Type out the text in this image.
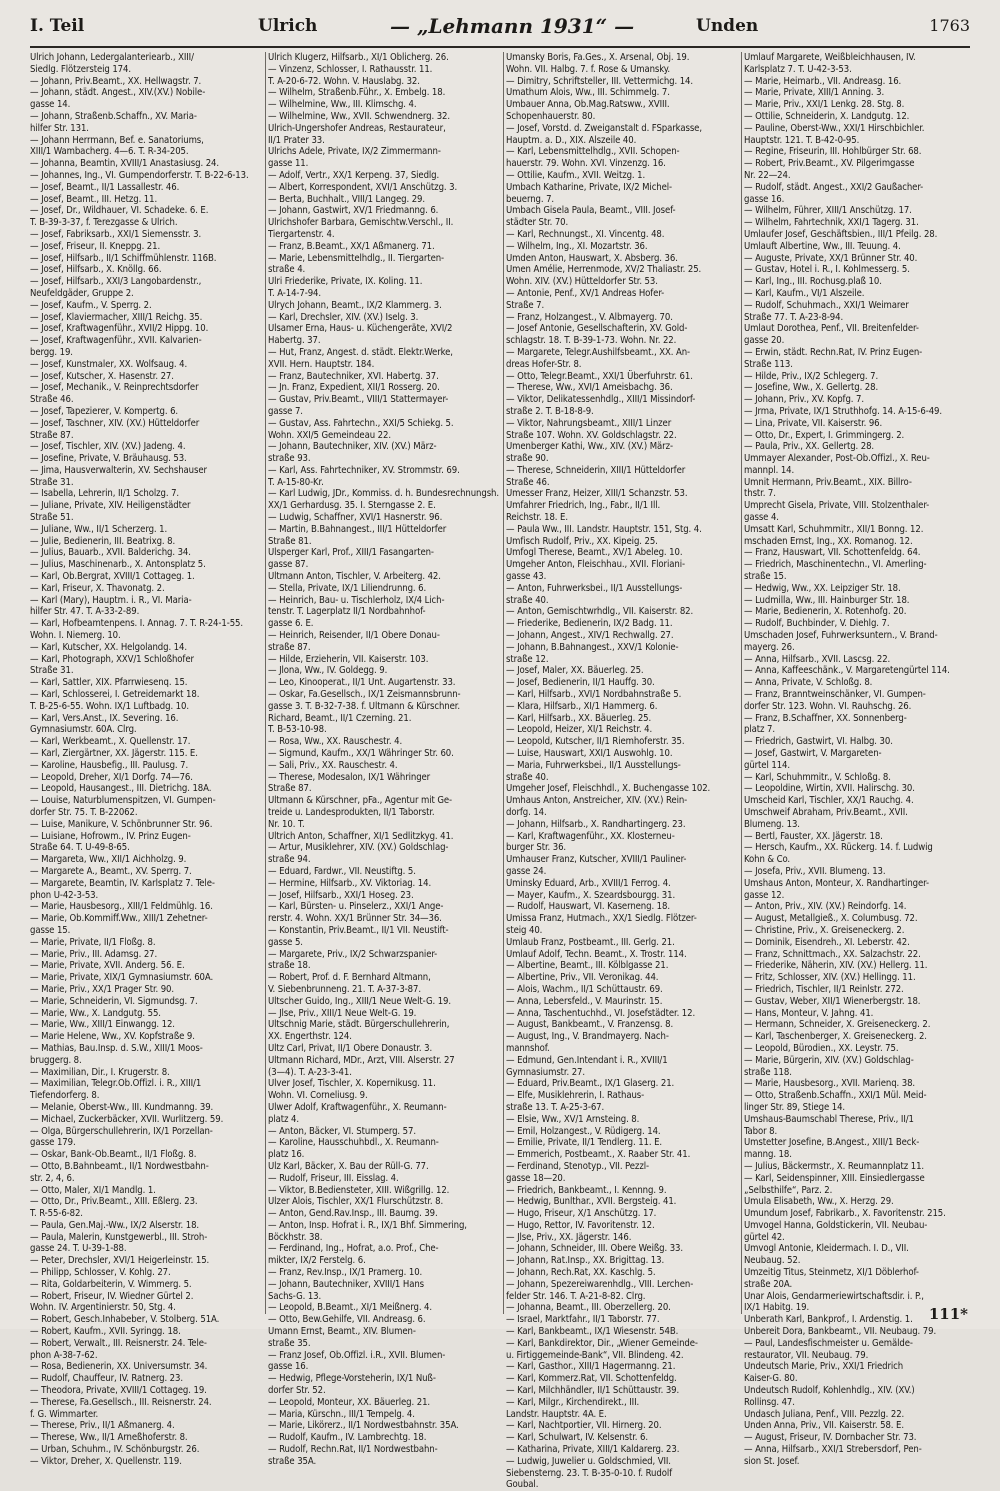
I. Teil	Ulrich	— „Lehmann 1931“ —	Unden	1763
Ulrich Johann, Ledergalanteriearb., XIII/
Siedlg. Flötzersteig 174.
— Johann, Priv.Beamt., XX. Hellwagstr. 7.
— Johann, städt. Angest., XIV.(XV.) Nobile-
gasse 14.
— Johann, Straßenb.Schaffn., XV. Maria-
hilfer Str. 131.
— Johann Herrmann, Bef. e. Sanatoriums,
XIII/1 Wambacherg. 4—6. T. R-34-205.
— Johanna, Beamtin, XVIII/1 Anastasiusg. 24.
— Johannes, Ing., VI. Gumpendorferstr. T. B-22-6-13.
— Josef, Beamt., II/1 Lassallestr. 46.
— Josef, Beamt., III. Hetzg. 11.
— Josef, Dr., Wildhauer, VI. Schadeke. 6. E.
T. B-39-3-37, f. Terezgasse & Ulrich.
— Josef, Fabriksarb., XXI/1 Siemensstr. 3.
— Josef, Friseur, II. Kneppg. 21.
— Josef, Hilfsarb., II/1 Schiffmühlenstr. 116B.
— Josef, Hilfsarb., X. Knöllg. 66.
— Josef, Hilfsarb., XXI/3 Langobardenstr.,
Neufeldgäder, Gruppe 2.
— Josef, Kaufm., V. Sperrg. 2.
— Josef, Klaviermacher, XIII/1 Reichg. 35.
— Josef, Kraftwagenführ., XVII/2 Hippg. 10.
— Josef, Kraftwagenführ., XVII. Kalvarien-
bergg. 19.
— Josef, Kunstmaler, XX. Wolfsaug. 4.
— Josef, Kutscher, X. Hasenstr. 27.
— Josef, Mechanik., V. Reinprechtsdorfer
Straße 46.
— Josef, Tapezierer, V. Kompertg. 6.
— Josef, Taschner, XIV. (XV.) Hütteldorfer
Straße 87.
— Josef, Tischler, XIV. (XV.) Jadeng. 4.
— Josefine, Private, V. Bräuhausg. 53.
— Jima, Hausverwalterin, XV. Sechshauser
Straße 31.
— Isabella, Lehrerin, II/1 Scholzg. 7.
— Juliane, Private, XIV. Heiligenstädter
Straße 51.
— Juliane, Ww., II/1 Scherzerg. 1.
— Julie, Bedienerin, III. Beatrixg. 8.
— Julius, Bauarb., XVII. Balderichg. 34.
— Julius, Maschinenarb., X. Antonsplatz 5.
— Karl, Ob.Bergrat, XVIII/1 Cottageg. 1.
— Karl, Friseur, X. Thavonatg. 2.
— Karl (Mary), Hauptm. i. R., VI. Maria-
hilfer Str. 47. T. A-33-2-89.
— Karl, Hofbeamtenpens. I. Annag. 7. T. R-24-1-55.
Wohn. I. Niemerg. 10.
— Karl, Kutscher, XX. Helgolandg. 14.
— Karl, Photograph, XXV/1 Schloßhofer
Straße 31.
— Karl, Sattler, XIX. Pfarrwiesenq. 15.
— Karl, Schlosserei, I. Getreidemarkt 18.
T. B-25-6-55. Wohn. IX/1 Luftbadg. 10.
— Karl, Vers.Anst., IX. Severing. 16.
Gymnasiumstr. 60A. Clrg.
— Karl, Werkbeamt., X. Quellenstr. 17.
— Karl, Ziergärtner, XX. Jägerstr. 115. E.
— Karoline, Hausbefig., III. Paulusg. 7.
— Leopold, Dreher, XI/1 Dorfg. 74—76.
— Leopold, Hausangest., III. Dietrichg. 18A.
— Louise, Naturblumenspitzen, VI. Gumpen-
dorfer Str. 75. T. B-22062.
— Luise, Manikure, V. Schönbrunner Str. 96.
— Luisiane, Hofrowm., IV. Prinz Eugen-
Straße 64. T. U-49-8-65.
— Margareta, Ww., XII/1 Aichholzg. 9.
— Margarete A., Beamt., XV. Sperrg. 7.
— Margarete, Beamtin, IV. Karlsplatz 7. Tele-
phon U-42-3-53.
— Marie, Hausbesorg., XIII/1 Feldmühlg. 16.
— Marie, Ob.Kommiff.Ww., XIII/1 Zehetner-
gasse 15.
— Marie, Private, II/1 Floßg. 8.
— Marie, Priv., III. Adamsg. 27.
— Marie, Private, XVII. Anderg. 56. E.
— Marie, Private, XIX/1 Gymnasiumstr. 60A.
— Marie, Priv., XX/1 Prager Str. 90.
— Marie, Schneiderin, VI. Sigmundsg. 7.
— Marie, Ww., X. Landgutg. 55.
— Marie, Ww., XIII/1 Einwangg. 12.
— Marie Helene, Ww., XV. Kopfstraße 9.
— Mathias, Bau.Insp. d. S.W., XIII/1 Moos-
bruggerg. 8.
— Maximilian, Dir., I. Krugerstr. 8.
— Maximilian, Telegr.Ob.Offizl. i. R., XIII/1
Tiefendorferg. 8.
— Melanie, Oberst-Ww., III. Kundmanng. 39.
— Michael, Zuckerbäcker, XVII. Wurlitzerg. 59.
— Olga, Bürgerschullehrerin, IX/1 Porzellan-
gasse 179.
— Oskar, Bank-Ob.Beamt., II/1 Floßg. 8.
— Otto, B.Bahnbeamt., II/1 Nordwestbahn-
str. 2, 4, 6.
— Otto, Maler, XI/1 Mandlg. 1.
— Otto, Dr., Priv.Beamt., XIII. Eßlerg. 23.
T. R-55-6-82.
— Paula, Gen.Maj.-Ww., IX/2 Alserstr. 18.
— Paula, Malerin, Kunstgewerbl., III. Stroh-
gasse 24. T. U-39-1-88.
— Peter, Drechsler, XVI/1 Heigerleinstr. 15.
— Philipp, Schlosser, V. Kohlg. 27.
— Rita, Goldarbeiterin, V. Wimmerg. 5.
— Robert, Friseur, IV. Wiedner Gürtel 2.
Wohn. IV. Argentinierstr. 50, Stg. 4.
— Robert, Gesch.Inhabeber, V. Stolberg. 51A.
— Robert, Kaufm., XVII. Syringg. 18.
— Robert, Verwalt., III. Reisnerstr. 24. Tele-
phon A-38-7-62.
— Rosa, Bedienerin, XX. Universumstr. 34.
— Rudolf, Chauffeur, IV. Ratnerg. 23.
— Theodora, Private, XVIII/1 Cottageg. 19.
— Therese, Fa.Gesellsch., III. Reisnerstr. 24.
f. G. Wimmarter.
— Therese, Priv., II/1 Aßmanerg. 4.
— Therese, Ww., II/1 Arneßhoferstr. 8.
— Urban, Schuhm., IV. Schönburgstr. 26.
— Viktor, Dreher, X. Quellenstr. 119.
Ulrich Klugerz, Hilfsarb., XI/1 Oblicherg. 26.
— Vinzenz, Schlosser, I. Rathausstr. 11.
T. A-20-6-72. Wohn. V. Hauslabg. 32.
— Wilhelm, Straßenb.Führ., X. Embelg. 18.
— Wilhelmine, Ww., III. Klimschg. 4.
— Wilhelmine, Ww., XVII. Schwendnerg. 32.
Ulrich-Ungershofer Andreas, Restaurateur,
II/1 Prater 33.
Ulrichs Adele, Private, IX/2 Zimmermann-
gasse 11.
— Adolf, Vertr., XX/1 Kerpeng. 37, Siedlg.
— Albert, Korrespondent, XVI/1 Anschützg. 3.
— Berta, Buchhalt., VIII/1 Langeg. 29.
— Johann, Gastwirt, XV/1 Friedmanng. 6.
Ulrichshofer Barbara, Gemischtw.Verschl., II.
Tiergartenstr. 4.
— Franz, B.Beamt., XX/1 Aßmanerg. 71.
— Marie, Lebensmittelhdlg., II. Tiergarten-
straße 4.
Ulri Friederike, Private, IX. Koling. 11.
T. A-14-7-94.
Ulrych Johann, Beamt., IX/2 Klammerg. 3.
— Karl, Drechsler, XIV. (XV.) Iselg. 3.
Ulsamer Erna, Haus- u. Küchengeräte, XVI/2
Habertg. 37.
— Hut, Franz, Angest. d. städt. Elektr.Werke,
XVII. Hern. Hauptstr. 184.
— Franz, Bautechniker, XVI. Habertg. 37.
— Jn. Franz, Expedient, XII/1 Rosserg. 20.
— Gustav, Priv.Beamt., VIII/1 Stattermayer-
gasse 7.
— Gustav, Ass. Fahrtechn., XXI/5 Schiekg. 5.
Wohn. XXI/5 Gemeindeau 22.
— Johann, Bautechniker, XIV. (XV.) März-
straße 93.
— Karl, Ass. Fahrtechniker, XV. Strommstr. 69.
T. A-15-80-Kr.
— Karl Ludwig, JDr., Kommiss. d. h. Bundesrechnungsh.
XX/1 Gerhardusg. 35. I. Sterngasse 2. E.
— Ludwig, Schaffner, XVI/1 Hasnerstr. 96.
— Martin, B.Bahnangest., III/1 Hütteldorfer
Straße 81.
Ulsperger Karl, Prof., XIII/1 Fasangarten-
gasse 87.
Ultmann Anton, Tischler, V. Arbeiterg. 42.
— Stella, Private, IX/1 Liliendrunng. 6.
— Heinrich, Bau- u. Tischlerholz, IX/4 Lich-
tenstr. T. Lagerplatz II/1 Nordbahnhof-
gasse 6. E.
— Heinrich, Reisender, II/1 Obere Donau-
straße 87.
— Hilde, Erzieherin, VII. Kaiserstr. 103.
— Jlona, Ww., IV. Goldegg. 9.
— Leo, Kinooperat., II/1 Unt. Augartenstr. 33.
— Oskar, Fa.Gesellsch., IX/1 Zeismannsbrunn-
gasse 3. T. B-32-7-38. f. Ultmann & Kürschner.
Richard, Beamt., II/1 Czerning. 21.
T. B-53-10-98.
— Rosa, Ww., XX. Rauschestr. 4.
— Sigmund, Kaufm., XX/1 Währinger Str. 60.
— Sali, Priv., XX. Rauschestr. 4.
— Therese, Modesalon, IX/1 Währinger
Straße 87.
Ultmann & Kürschner, pFa., Agentur mit Ge-
treide u. Landesprodukten, II/1 Taborstr.
Nr. 10. T.
Ultrich Anton, Schaffner, XI/1 Sedlitzkyg. 41.
— Artur, Musiklehrer, XIV. (XV.) Goldschlag-
straße 94.
— Eduard, Fardwr., VII. Neustiftg. 5.
— Hermine, Hilfsarb., XV. Viktoriag. 14.
— Josef, Hilfsarb., XXI/1 Hoseg. 23.
— Karl, Bürsten- u. Pinselerz., XXI/1 Ange-
rerstr. 4. Wohn. XX/1 Brünner Str. 34—36.
— Konstantin, Priv.Beamt., II/1 VII. Neustift-
gasse 5.
— Margarete, Priv., IX/2 Schwarzspanier-
straße 18.
— Robert, Prof. d. F. Bernhard Altmann,
V. Siebenbrunneng. 21. T. A-37-3-87.
Ultscher Guido, Ing., XIII/1 Neue Welt-G. 19.
— Jlse, Priv., XIII/1 Neue Welt-G. 19.
Ultschnig Marie, städt. Bürgerschullehrerin,
XX. Engerthstr. 124.
Ultz Carl, Privat, II/1 Obere Donaustr. 3.
Ultmann Richard, MDr., Arzt, VIII. Alserstr. 27
(3—4). T. A-23-3-41.
Ulver Josef, Tischler, X. Kopernikusg. 11.
Wohn. VI. Corneliusg. 9.
Ulwer Adolf, Kraftwagenführ., X. Reumann-
platz 4.
— Anton, Bäcker, VI. Stumperg. 57.
— Karoline, Hausschuhbdl., X. Reumann-
platz 16.
Ulz Karl, Bäcker, X. Bau der Rüll-G. 77.
— Rudolf, Friseur, III. Eisslag. 4.
— Viktor, B.Bediensteter, XIII. Wißgrillg. 12.
Ulzer Alois, Tischler, XX/1 Flurschützstr. 8.
— Anton, Gend.Rav.Insp., III. Baumg. 39.
— Anton, Insp. Hofrat i. R., IX/1 Bhf. Simmering,
Böckhstr. 38.
— Ferdinand, Ing., Hofrat, a.o. Prof., Che-
mikter, IX/2 Ferstelg. 6.
— Franz, Rev.Insp., IX/1 Pramerg. 10.
— Johann, Bautechniker, XVIII/1 Hans
Sachs-G. 13.
— Leopold, B.Beamt., XI/1 Meißnerg. 4.
— Otto, Bew.Gehilfe, VII. Andreasg. 6.
Umann Ernst, Beamt., XIV. Blumen-
straße 35.
— Franz Josef, Ob.Offizl. i.R., XVII. Blumen-
gasse 16.
— Hedwig, Pflege-Vorsteherin, IX/1 Nuß-
dorfer Str. 52.
— Leopold, Monteur, XX. Bäuerleg. 21.
— Maria, Kürschn., III/1 Tempelg. 4.
— Marie, Likörerz., II/1 Nordwestbahnstr. 35A.
— Rudolf, Kaufm., IV. Lambrechtg. 18.
— Rudolf, Rechn.Rat, II/1 Nordwestbahn-
straße 35A.
Umansky Boris, Fa.Ges., X. Arsenal, Obj. 19.
Wohn. VII. Halbg. 7. f. Rose & Umansky.
— Dimitry, Schriftsteller, III. Vettermichg. 14.
Umathum Alois, Ww., III. Schimmelg. 7.
Umbauer Anna, Ob.Mag.Ratsww., XVIII.
Schopenhauerstr. 80.
— Josef, Vorstd. d. Zweiganstalt d. FSparkasse,
Hauptm. a. D., XIX. Alszeile 40.
— Karl, Lebensmittelhdlg., XVII. Schopen-
hauerstr. 79. Wohn. XVI. Vinzenzg. 16.
— Ottilie, Kaufm., XVII. Weitzg. 1.
Umbach Katharine, Private, IX/2 Michel-
beuerng. 7.
Umbach Gisela Paula, Beamt., VIII. Josef-
städter Str. 70.
— Karl, Rechnungst., XI. Vincentg. 48.
— Wilhelm, Ing., XI. Mozartstr. 36.
Umden Anton, Hauswart, X. Absberg. 36.
Umen Amélie, Herrenmode, XV/2 Thaliastr. 25.
Wohn. XIV. (XV.) Hütteldorfer Str. 53.
— Antonie, Penf., XV/1 Andreas Hofer-
Straße 7.
— Franz, Holzangest., V. Albmayerg. 70.
— Josef Antonie, Gesellschafterin, XV. Gold-
schlagstr. 18. T. B-39-1-73. Wohn. Nr. 22.
— Margarete, Telegr.Aushilfsbeamt., XX. An-
dreas Hofer-Str. 8.
— Otto, Telegr.Beamt., XXI/1 Überfuhrstr. 61.
— Therese, Ww., XVI/1 Ameisbachg. 36.
— Viktor, Delikatessenhdlg., XIII/1 Missindorf-
straße 2. T. B-18-8-9.
— Viktor, Nahrungsbeamt., XIII/1 Linzer
Straße 107. Wohn. XV. Goldschlagstr. 22.
Umenberger Kathi, Ww., XIV. (XV.) März-
straße 90.
— Therese, Schneiderin, XIII/1 Hütteldorfer
Straße 46.
Umesser Franz, Heizer, XIII/1 Schanzstr. 53.
Umfahrer Friedrich, Ing., Fabr., II/1 Ill.
Reichstr. 18. E.
— Paula Ww., III. Landstr. Hauptstr. 151, Stg. 4.
Umfisch Rudolf, Priv., XX. Kipeig. 25.
Umfogl Therese, Beamt., XV/1 Abeleg. 10.
Umgeher Anton, Fleischhau., XVII. Floriani-
gasse 43.
— Anton, Fuhrwerksbei., II/1 Ausstellungs-
straße 40.
— Anton, Gemischtwrhdlg., VII. Kaiserstr. 82.
— Friederike, Bedienerin, IX/2 Badg. 11.
— Johann, Angest., XIV/1 Rechwallg. 27.
— Johann, B.Bahnangest., XXV/1 Kolonie-
straße 12.
— Josef, Maler, XX. Bäuerleg. 25.
— Josef, Bedienerin, II/1 Hauffg. 30.
— Karl, Hilfsarb., XVI/1 Nordbahnstraße 5.
— Klara, Hilfsarb., XI/1 Hammerg. 6.
— Karl, Hilfsarb., XX. Bäuerleg. 25.
— Leopold, Heizer, XI/1 Reichstr. 4.
— Leopold, Kutscher, II/1 Riemhoferstr. 35.
— Luise, Hauswart, XXI/1 Auswohlg. 10.
— Maria, Fuhrwerksbei., II/1 Ausstellungs-
straße 40.
Umgeher Josef, Fleischhdl., X. Buchengasse 102.
Umhaus Anton, Anstreicher, XIV. (XV.) Rein-
dorfg. 14.
— Johann, Hilfsarb., X. Randhartingerg. 23.
— Karl, Kraftwagenführ., XX. Klosterneu-
burger Str. 36.
Umhauser Franz, Kutscher, XVIII/1 Pauliner-
gasse 24.
Uminsky Eduard, Arb., XVIII/1 Ferrog. 4.
— Mayer, Kaufm., X. Szeardsbourgg. 31.
— Rudolf, Hauswart, VI. Kaserneng. 18.
Umissa Franz, Hutmach., XX/1 Siedlg. Flötzer-
steig 40.
Umlaub Franz, Postbeamt., III. Gerlg. 21.
Umlauf Adolf, Techn. Beamt., X. Trostr. 114.
— Albertine, Beamt., III. Kölblgasse 21.
— Albertine, Priv., VII. Veronikag. 44.
— Alois, Wachm., II/1 Schüttaustr. 69.
— Anna, Lebersfeld., V. Maurinstr. 15.
— Anna, Taschentuchhd., VI. Josefstädter. 12.
— August, Bankbeamt., V. Franzensg. 8.
— August, Ing., V. Brandmayerg. Nach-
mannshof.
— Edmund, Gen.Intendant i. R., XVIII/1
Gymnasiumstr. 27.
— Eduard, Priv.Beamt., IX/1 Glaserg. 21.
— Elfe, Musiklehrerin, I. Rathaus-
straße 13. T. A-25-3-67.
— Elsie, Ww., XV/1 Arnsteing. 8.
— Emil, Holzangest., V. Rüdigerg. 14.
— Emilie, Private, II/1 Tendlerg. 11. E.
— Emmerich, Postbeamt., X. Raaber Str. 41.
— Ferdinand, Stenotyp., VII. Pezzl-
gasse 18—20.
— Friedrich, Bankbeamt., I. Kennng. 9.
— Hedwig, Bunlthar., XVII. Bergsteig. 41.
— Hugo, Friseur, X/1 Anschützg. 17.
— Hugo, Rettor, IV. Favoritenstr. 12.
— Jlse, Priv., XX. Jägerstr. 146.
— Johann, Schneider, III. Obere Weißg. 33.
— Johann, Rat.Insp., XX. Brigittag. 13.
— Johann, Rech.Rat, XX. Kaschlg. 5.
— Johann, Spezereiwarenhdlg., VIII. Lerchen-
felder Str. 146. T. A-21-8-82. Clrg.
— Johanna, Beamt., III. Oberzellerg. 20.
— Israel, Marktfahr., II/1 Taborstr. 77.
— Karl, Bankbeamt., IX/1 Wiesenstr. 54B.
— Karl, Bankdirektor, Dir., „Wiener Gemeinde-
u. Firtiggemeinde-Bank“, VII. Blindeng. 42.
— Karl, Gasthor., XIII/1 Hagermanng. 21.
— Karl, Kommerz.Rat, VII. Schottenfeldg.
— Karl, Milchhändler, II/1 Schüttaustr. 39.
— Karl, Milgr., Kirchendirekt., III.
Landstr. Hauptstr. 4A. E.
— Karl, Nachtportier, VII. Hirnerg. 20.
— Karl, Schulwart, IV. Kelsenstr. 6.
— Katharina, Private, XIII/1 Kaldarerg. 23.
— Ludwig, Juwelier u. Goldschmied, VII.
Siebensterng. 23. T. B-35-0-10. f. Rudolf
Goubal.
Umlauf Margarete, Weißbleichhausen, IV.
Karlsplatz 7. T. U-42-3-53.
— Marie, Heimarb., VII. Andreasg. 16.
— Marie, Private, XIII/1 Anning. 3.
— Marie, Priv., XXI/1 Lenkg. 28. Stg. 8.
— Ottilie, Schneiderin, X. Landgutg. 12.
— Pauline, Oberst-Ww., XXI/1 Hirschbichler.
Hauptstr. 121. T. B-42-0-95.
— Regine, Friseurin, III. Hohlbürger Str. 68.
— Robert, Priv.Beamt., XV. Pilgerimgasse
Nr. 22—24.
— Rudolf, städt. Angest., XXI/2 Gaußacher-
gasse 16.
— Wilhelm, Führer, XIII/1 Anschützg. 17.
— Wilhelm, Fahrtechnik, XXI/1 Tagerg. 31.
Umlaufer Josef, Geschäftsbien., III/1 Pfeilg. 28.
Umlauft Albertine, Ww., III. Teuung. 4.
— Auguste, Private, XX/1 Brünner Str. 40.
— Gustav, Hotel i. R., I. Kohlmesserg. 5.
— Karl, Ing., III. Rochusg.plaß 10.
— Karl, Kaufm., VI/1 Alszeile.
— Rudolf, Schuhmach., XXI/1 Weimarer
Straße 77. T. A-23-8-94.
Umlaut Dorothea, Penf., VII. Breitenfelder-
gasse 20.
— Erwin, städt. Rechn.Rat, IV. Prinz Eugen-
Straße 113.
— Hilde, Priv., IX/2 Schlegerg. 7.
— Josefine, Ww., X. Gellertg. 28.
— Johann, Priv., XV. Kopfg. 7.
— Jrma, Private, IX/1 Struthhofg. 14. A-15-6-49.
— Lina, Private, VII. Kaiserstr. 96.
— Otto, Dr., Expert, I. Grimmingerg. 2.
— Paula, Priv., XX. Gellertg. 28.
Ummayer Alexander, Post-Ob.Offizl., X. Reu-
mannpl. 14.
Umnit Hermann, Priv.Beamt., XIX. Billro-
thstr. 7.
Umprecht Gisela, Private, VIII. Stolzenthaler-
gasse 4.
Umsatt Karl, Schuhmmitr., XII/1 Bonng. 12.
mschaden Ernst, Ing., XX. Romanog. 12.
— Franz, Hauswart, VII. Schottenfeldg. 64.
— Friedrich, Maschinentechn., VI. Amerling-
straße 15.
— Hedwig, Ww., XX. Leipziger Str. 18.
— Ludmilla, Ww., III. Hainburger Str. 18.
— Marie, Bedienerin, X. Rotenhofg. 20.
— Rudolf, Buchbinder, V. Diehlg. 7.
Umschaden Josef, Fuhrwerksuntern., V. Brand-
mayerg. 26.
— Anna, Hilfsarb., XVII. Lascsg. 22.
— Anna, Kaffeeschänk., V. Margaretengürtel 114.
— Anna, Private, V. Schloßg. 8.
— Franz, Branntweinschänker, VI. Gumpen-
dorfer Str. 123. Wohn. VI. Rauhschg. 26.
— Franz, B.Schaffner, XX. Sonnenberg-
platz 7.
— Friedrich, Gastwirt, VI. Halbg. 30.
— Josef, Gastwirt, V. Margareten-
gürtel 114.
— Karl, Schuhmmitr., V. Schloßg. 8.
— Leopoldine, Wirtin, XVII. Halirschg. 30.
Umscheid Karl, Tischler, XX/1 Rauchg. 4.
Umschweif Abraham, Priv.Beamt., XVII.
Blumeng. 13.
— Bertl, Fauster, XX. Jägerstr. 18.
— Hersch, Kaufm., XX. Rückerg. 14. f. Ludwig
Kohn & Co.
— Josefa, Priv., XVII. Blumeng. 13.
Umshaus Anton, Monteur, X. Randhartinger-
gasse 12.
— Anton, Priv., XIV. (XV.) Reindorfg. 14.
— August, Metallgieß., X. Columbusg. 72.
— Christine, Priv., X. Greiseneckerg. 2.
— Dominik, Eisendreh., XI. Leberstr. 42.
— Franz, Schnittmach., XX. Salzachstr. 22.
— Friederike, Näherin, XIV. (XV.) Hellerg. 11.
— Fritz, Schlosser, XIV. (XV.) Hellingg. 11.
— Friedrich, Tischler, II/1 Reinlstr. 272.
— Gustav, Weber, XII/1 Wienerbergstr. 18.
— Hans, Monteur, V. Jahng. 41.
— Hermann, Schneider, X. Greiseneckerg. 2.
— Karl, Taschenberger, X. Greiseneckerg. 2.
— Leopold, Bürodien., XX. Leystr. 75.
— Marie, Bürgerin, XIV. (XV.) Goldschlag-
straße 118.
— Marie, Hausbesorg., XVII. Marienq. 38.
— Otto, Straßenb.Schaffn., XXI/1 Mül. Meid-
linger Str. 89, Stiege 14.
Umshaus-Baumschabl Therese, Priv., II/1
Tabor 8.
Umstetter Josefine, B.Angest., XIII/1 Beck-
manng. 18.
— Julius, Bäckermstr., X. Reumannplatz 11.
— Karl, Seidenspinner, XIII. Einsiedlergasse
„Selbsthilfe“, Parz. 2.
Umula Elisabeth, Ww., X. Herzg. 29.
Umundum Josef, Fabrikarb., X. Favoritenstr. 215.
Umvogel Hanna, Goldstickerin, VII. Neubau-
gürtel 42.
Umvogl Antonie, Kleidermach. I. D., VII.
Neubaug. 52.
Umzeitig Titus, Steinmetz, XI/1 Döblerhof-
straße 20A.
Unar Alois, Gendarmeriewirtschaftsdir. i. P.,
IX/1 Habitg. 19.
Unberath Karl, Bankprof., I. Ardenstig. 1.
Unbereit Dora, Bankbeamt., VII. Neubaug. 79.
— Paul, Landesfischmeister u. Gemälde-
restaurator, VII. Neubaug. 79.
Undeutsch Marie, Priv., XXI/1 Friedrich
Kaiser-G. 80.
Undeutsch Rudolf, Kohlenhdlg., XIV. (XV.)
Rollinsg. 47.
Undasch Juliana, Penf., VIII. Pezzlg. 22.
Unden Anna, Priv., VII. Kaiserstr. 58. E.
— August, Friseur, IV. Dornbacher Str. 73.
— Anna, Hilfsarb., XXI/1 Strebersdorf, Pen-
sion St. Josef.
111*
